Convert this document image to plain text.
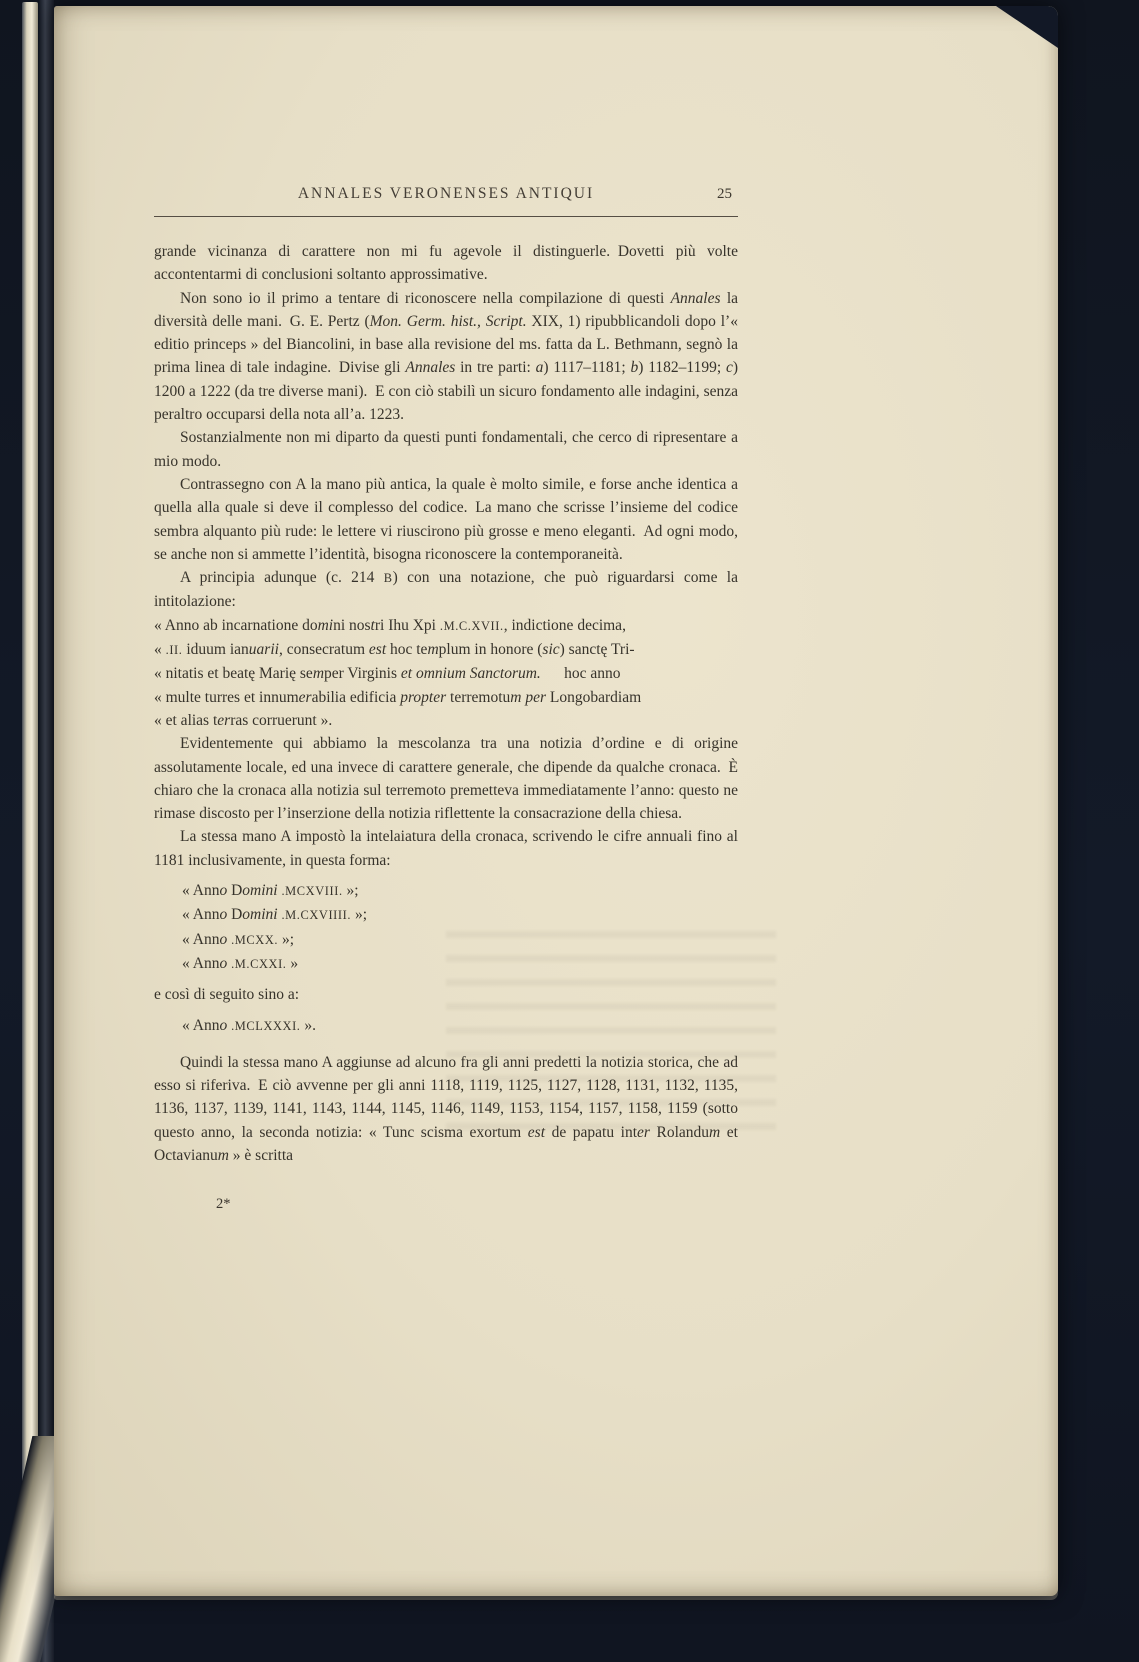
ANNALES VERONENSES ANTIQUI	25

grande vicinanza di carattere non mi fu agevole il distinguerle. Dovetti più volte accontentarmi di conclusioni soltanto approssimative.

Non sono io il primo a tentare di riconoscere nella compilazione di questi Annales la diversità delle mani. G. E. Pertz (Mon. Germ. hist., Script. XIX, 1) ripubblicandoli dopo l’« editio princeps » del Biancolini, in base alla revisione del ms. fatta da L. Bethmann, segnò la prima linea di tale indagine. Divise gli Annales in tre parti: a) 1117–1181; b) 1182–1199; c) 1200 a 1222 (da tre diverse mani). E con ciò stabilì un sicuro fondamento alle indagini, senza peraltro occuparsi della nota all’a. 1223.

Sostanzialmente non mi diparto da questi punti fondamentali, che cerco di ripresentare a mio modo.

Contrassegno con A la mano più antica, la quale è molto simile, e forse anche identica a quella alla quale si deve il complesso del codice. La mano che scrisse l’insieme del codice sembra alquanto più rude: le lettere vi riuscirono più grosse e meno eleganti. Ad ogni modo, se anche non si ammette l’identità, bisogna riconoscere la contemporaneità.

A principia adunque (c. 214 B) con una notazione, che può riguardarsi come la intitolazione:

« Anno ab incarnatione domini nostri Ihu Xpi .M.C.XVII., indictione decima,
« .II. iduum ianuarii, consecratum est hoc templum in honore (sic) sanctę Tri-
« nitatis et beatę Marię semper Virginis et omnium Sanctorum.  hoc anno
« multe turres et innumerabilia edificia propter terremotum per Longobardiam
« et alias terras corruerunt ».

Evidentemente qui abbiamo la mescolanza tra una notizia d’ordine e di origine assolutamente locale, ed una invece di carattere generale, che dipende da qualche cronaca. È chiaro che la cronaca alla notizia sul terremoto premetteva immediatamente l’anno: questo ne rimase discosto per l’inserzione della notizia riflettente la consacrazione della chiesa.

La stessa mano A impostò la intelaiatura della cronaca, scrivendo le cifre annuali fino al 1181 inclusivamente, in questa forma:

« Anno Domini .MCXVIII. »;
« Anno Domini .M.CXVIIII. »;
« Anno .MCXX. »;
« Anno .M.CXXI. »

e così di seguito sino a:

« Anno .MCLXXXI. ».

Quindi la stessa mano A aggiunse ad alcuno fra gli anni predetti la notizia storica, che ad esso si riferiva. E ciò avvenne per gli anni 1118, 1119, 1125, 1127, 1128, 1131, 1132, 1135, 1136, 1137, 1139, 1141, 1143, 1144, 1145, 1146, 1149, 1153, 1154, 1157, 1158, 1159 (sotto questo anno, la seconda notizia: « Tunc scisma exortum est de papatu inter Rolandum et Octavianum » è scritta

2*
